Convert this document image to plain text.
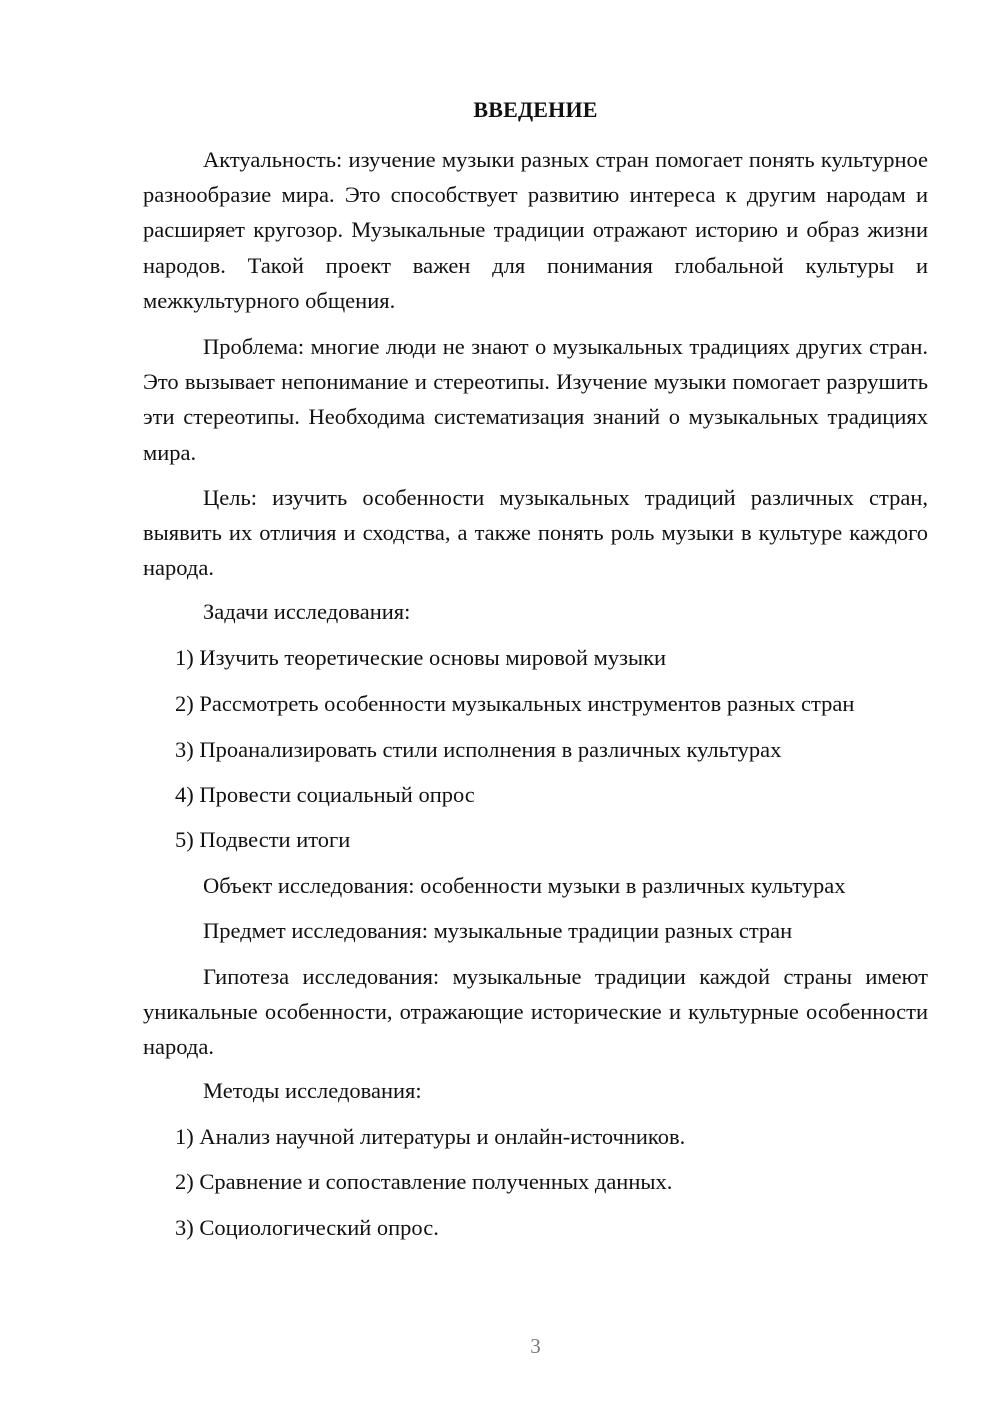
ВВЕДЕНИЕ

Актуальность: изучение музыки разных стран помогает понять культурное разнообразие мира. Это способствует развитию интереса к другим народам и расширяет кругозор. Музыкальные традиции отражают историю и образ жизни народов. Такой проект важен для понимания глобальной культуры и межкультурного общения.

Проблема: многие люди не знают о музыкальных традициях других стран. Это вызывает непонимание и стереотипы. Изучение музыки помогает разрушить эти стереотипы. Необходима систематизация знаний о музыкальных традициях мира.

Цель: изучить особенности музыкальных традиций различных стран, выявить их отличия и сходства, а также понять роль музыки в культуре каждого народа.

Задачи исследования:

1) Изучить теоретические основы мировой музыки

2) Рассмотреть особенности музыкальных инструментов разных стран

3) Проанализировать стили исполнения в различных культурах

4) Провести социальный опрос

5) Подвести итоги

Объект исследования: особенности музыки в различных культурах

Предмет исследования: музыкальные традиции разных стран

Гипотеза исследования: музыкальные традиции каждой страны имеют уникальные особенности, отражающие исторические и культурные особенности народа.

Методы исследования:

1) Анализ научной литературы и онлайн-источников.

2) Сравнение и сопоставление полученных данных.

3) Социологический опрос.

3
